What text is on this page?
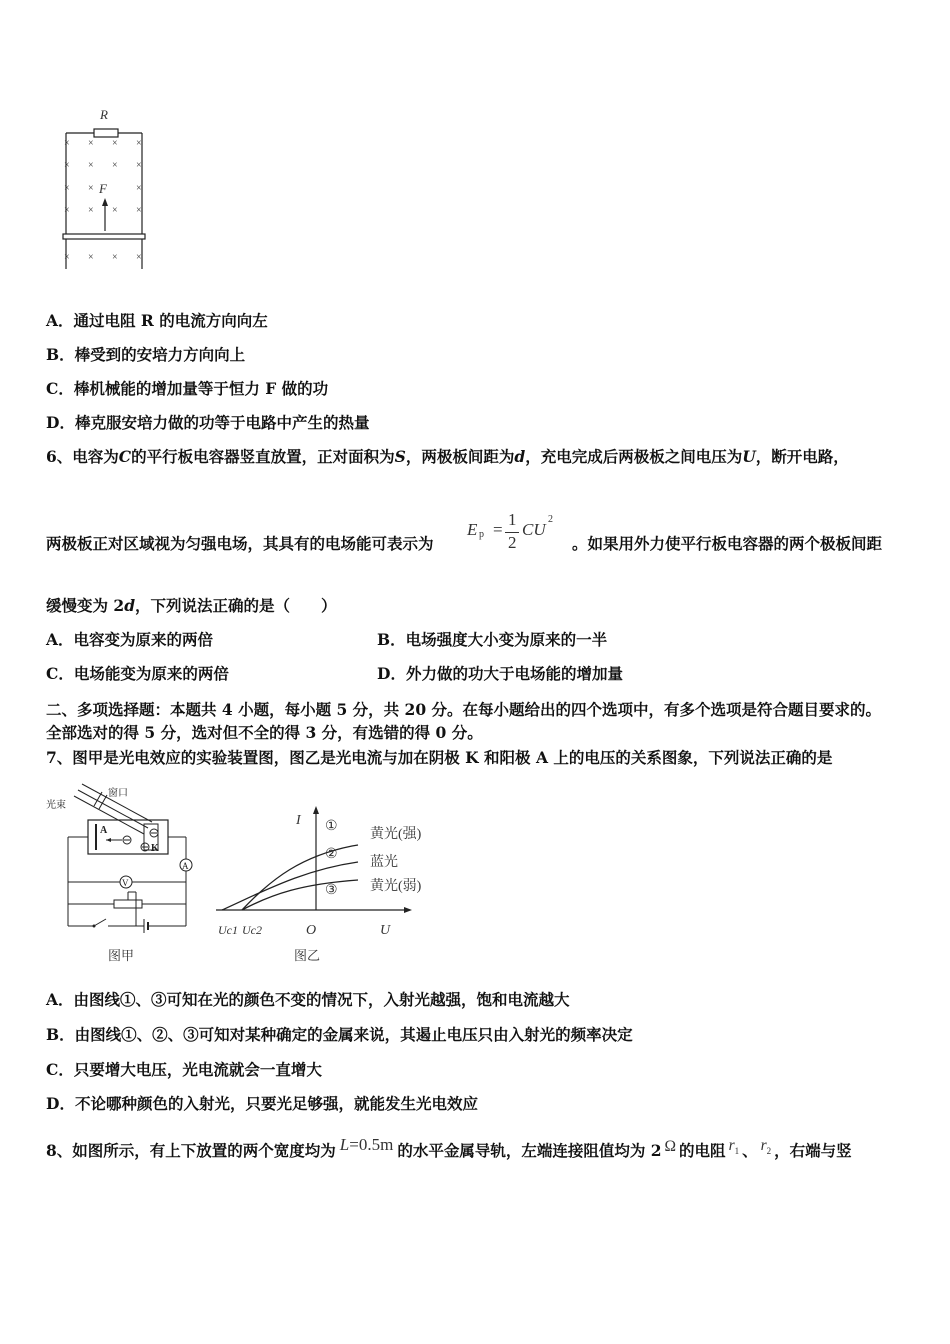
R
F
× × × ×
× × × ×
× ×	×
× × × ×
× × × ×
A．通过电阻 R 的电流方向向左
B．棒受到的安培力方向向上
C．棒机械能的增加量等于恒力 F 做的功
D．棒克服安培力做的功等于电路中产生的热量
6、电容为C的平行板电容器竖直放置，正对面积为S，两极板间距为d，充电完成后两极板之间电压为U，断开电路，
两极板正对区域视为匀强电场，其具有的电场能可表示为
E p =
1
2
CU
2
。如果用外力使平行板电容器的两个极板间距
缓慢变为 2d，下列说法正确的是（　　）
A．电容变为原来的两倍	B．电场强度大小变为原来的一半
C．电场能变为原来的两倍	D．外力做的功大于电场能的增加量
二、多项选择题：本题共 4 小题，每小题 5 分，共 20 分。在每小题给出的四个选项中，有多个选项是符合题目要求的。
全部选对的得 5 分，选对但不全的得 3 分，有选错的得 0 分。
7、图甲是光电效应的实验装置图，图乙是光电流与加在阴极 K 和阳极 A 上的电压的关系图象，下列说法正确的是
窗口
光束
A
K
A
V
图甲
I
U
O
Uc1 Uc2
①
②
③
黄光(强)
蓝光
黄光(弱)
图乙
A．由图线①、③可知在光的颜色不变的情况下，入射光越强，饱和电流越大
B．由图线①、②、③可知对某种确定的金属来说，其遏止电压只由入射光的频率决定
C．只要增大电压，光电流就会一直增大
D．不论哪种颜色的入射光，只要光足够强，就能发生光电效应
8、如图所示，有上下放置的两个宽度均为 L=0.5m 的水平金属导轨，左端连接阻值均为 2 Ω 的电阻 $r_1$ 、 $r_2$ ，右端与竖
